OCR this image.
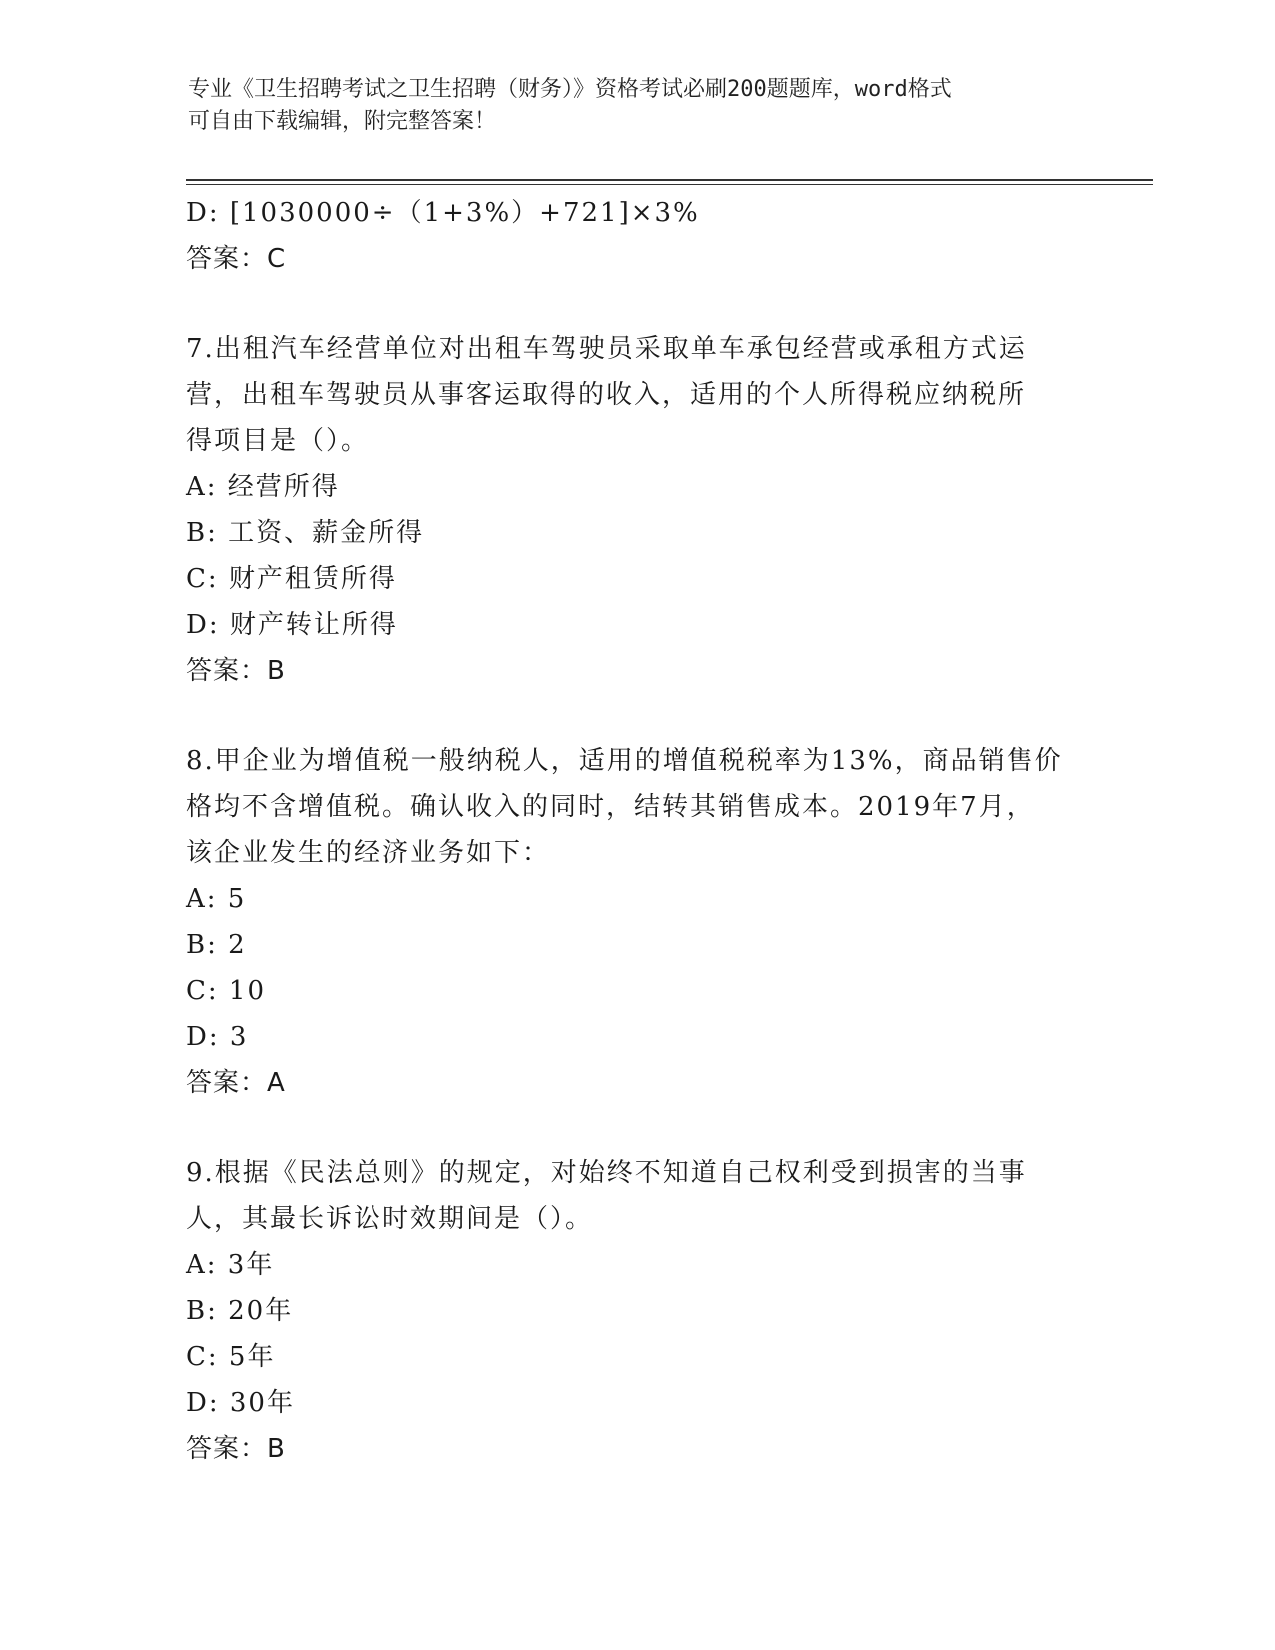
专业《卫生招聘考试之卫生招聘（财务）》资格考试必刷200题题库，word格式

可自由下载编辑，附完整答案！

D: [1030000÷（1+3%）+721]×3%
答案：C
7.出租汽车经营单位对出租车驾驶员采取单车承包经营或承租方式运
营，出租车驾驶员从事客运取得的收入，适用的个人所得税应纳税所
得项目是（）。
A: 经营所得
B: 工资、薪金所得
C: 财产租赁所得
D: 财产转让所得
答案：B
8.甲企业为增值税一般纳税人，适用的增值税税率为13%，商品销售价
格均不含增值税。确认收入的同时，结转其销售成本。2019年7月，
该企业发生的经济业务如下：
A: 5
B: 2
C: 10
D: 3
答案：A
9.根据《民法总则》的规定，对始终不知道自己权利受到损害的当事
人，其最长诉讼时效期间是（）。
A: 3年
B: 20年
C: 5年
D: 30年
答案：B
